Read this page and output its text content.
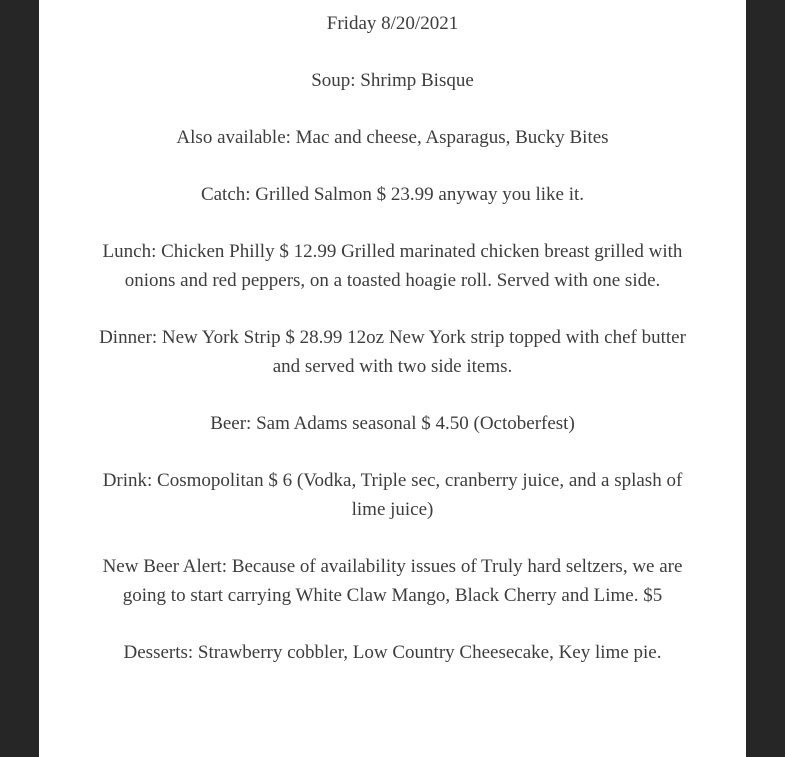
Friday 8/20/2021

Soup: Shrimp Bisque

Also available: Mac and cheese, Asparagus, Bucky Bites

Catch: Grilled Salmon $ 23.99 anyway you like it.

Lunch: Chicken Philly $ 12.99 Grilled marinated chicken breast grilled with onions and red peppers, on a toasted hoagie roll. Served with one side.

Dinner: New York Strip $ 28.99 12oz New York strip topped with chef butter and served with two side items.

Beer: Sam Adams seasonal $ 4.50 (Octoberfest)

Drink: Cosmopolitan $ 6 (Vodka, Triple sec, cranberry juice, and a splash of lime juice)

New Beer Alert: Because of availability issues of Truly hard seltzers, we are going to start carrying White Claw Mango, Black Cherry and Lime. $5

Desserts: Strawberry cobbler, Low Country Cheesecake, Key lime pie.
